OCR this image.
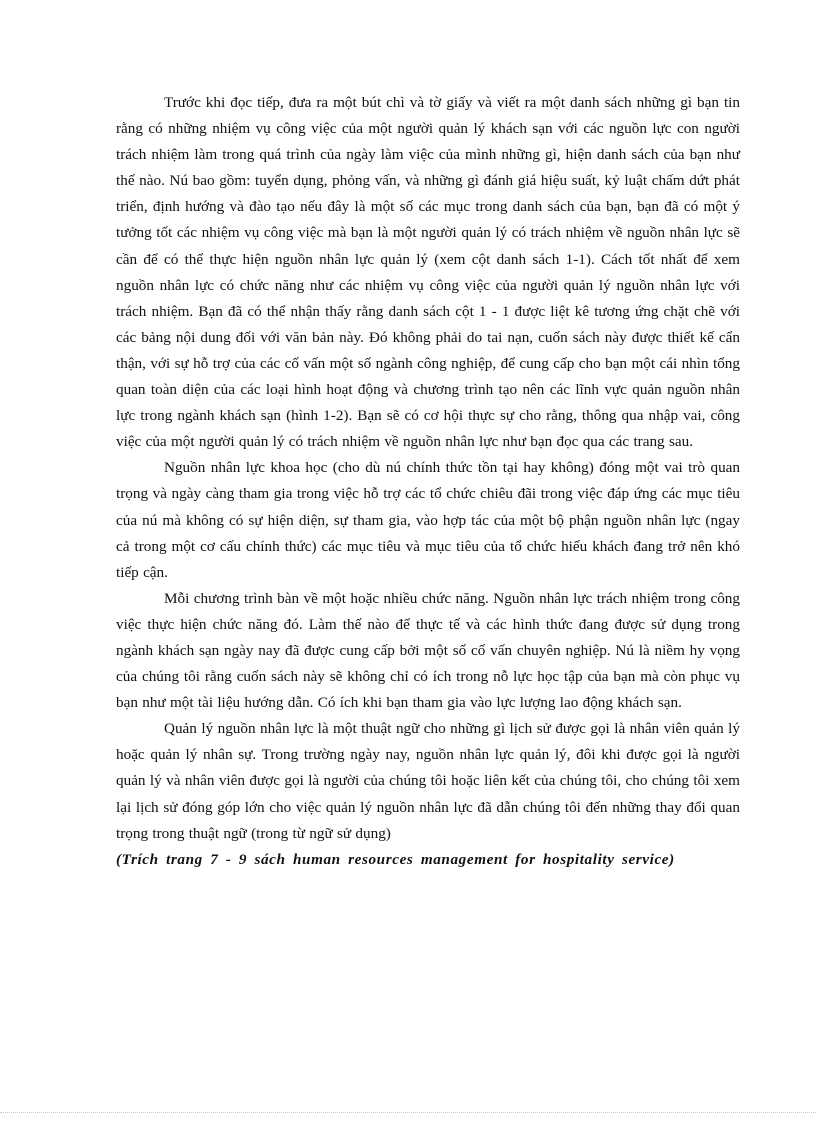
Trước khi đọc tiếp, đưa ra một bút chì và tờ giấy và viết ra một danh sách những gì bạn tin rằng có những nhiệm vụ công việc của một người quản lý khách sạn với các nguồn lực con người trách nhiệm làm trong quá trình của ngày làm việc của mình những gì, hiện danh sách của bạn như thế nào. Nú bao gồm: tuyển dụng, phỏng vấn, và những gì đánh giá hiệu suất, kỷ luật chấm dứt phát triển, định hướng và đào tạo nếu đây là một số các mục trong danh sách của bạn, bạn đã có một ý tưởng tốt các nhiệm vụ công việc mà bạn là một người quản lý có trách nhiệm về nguồn nhân lực sẽ cần để có thể thực hiện nguồn nhân lực quản lý (xem cột danh sách 1-1). Cách tốt nhất để xem nguồn nhân lực có chức năng như các nhiệm vụ công việc của người quản lý nguồn nhân lực với trách nhiệm. Bạn đã có thể nhận thấy rằng danh sách cột 1 - 1 được liệt kê tương ứng chặt chẽ với các bảng nội dung đối với văn bản này. Đó không phải do tai nạn, cuốn sách này được thiết kế cẩn thận, với sự hỗ trợ của các cố vấn một số ngành công nghiệp, để cung cấp cho bạn một cái nhìn tổng quan toàn diện của các loại hình hoạt động và chương trình tạo nên các lĩnh vực quản nguồn nhân lực trong ngành khách sạn (hình 1-2). Bạn sẽ có cơ hội thực sự cho rằng, thông qua nhập vai, công việc của một người quản lý có trách nhiệm về nguồn nhân lực như bạn đọc qua các trang sau.

Nguồn nhân lực khoa học (cho dù nú chính thức tồn tại hay không) đóng một vai trò quan trọng và ngày càng tham gia trong việc hỗ trợ các tổ chức chiêu đãi trong việc đáp ứng các mục tiêu của nú mà không có sự hiện diện, sự tham gia, vào hợp tác của một bộ phận nguồn nhân lực (ngay cả trong một cơ cấu chính thức) các mục tiêu và mục tiêu của tổ chức hiếu khách đang trở nên khó tiếp cận.

Mỗi chương trình bàn về một hoặc nhiều chức năng. Nguồn nhân lực trách nhiệm trong công việc thực hiện chức năng đó. Làm thế nào để thực tế và các hình thức đang được sử dụng trong ngành khách sạn ngày nay đã được cung cấp bởi một số cố vấn chuyên nghiệp. Nú là niềm hy vọng của chúng tôi rằng cuốn sách này sẽ không chỉ có ích trong nỗ lực học tập của bạn mà còn phục vụ bạn như một tài liệu hướng dẫn. Có ích khi bạn tham gia vào lực lượng lao động khách sạn.

Quản lý nguồn nhân lực là một thuật ngữ cho những gì lịch sử được gọi là nhân viên quản lý hoặc quản lý nhân sự. Trong trường ngày nay, nguồn nhân lực quản lý, đôi khi được gọi là người quản lý và nhân viên được gọi là người của chúng tôi hoặc liên kết của chúng tôi, cho chúng tôi xem lại lịch sử đóng góp lớn cho việc quản lý nguồn nhân lực đã dẫn chúng tôi đến những thay đổi quan trọng trong thuật ngữ (trong từ ngữ sử dụng)

(Trích trang 7 - 9 sách human resources management for hospitality service)
